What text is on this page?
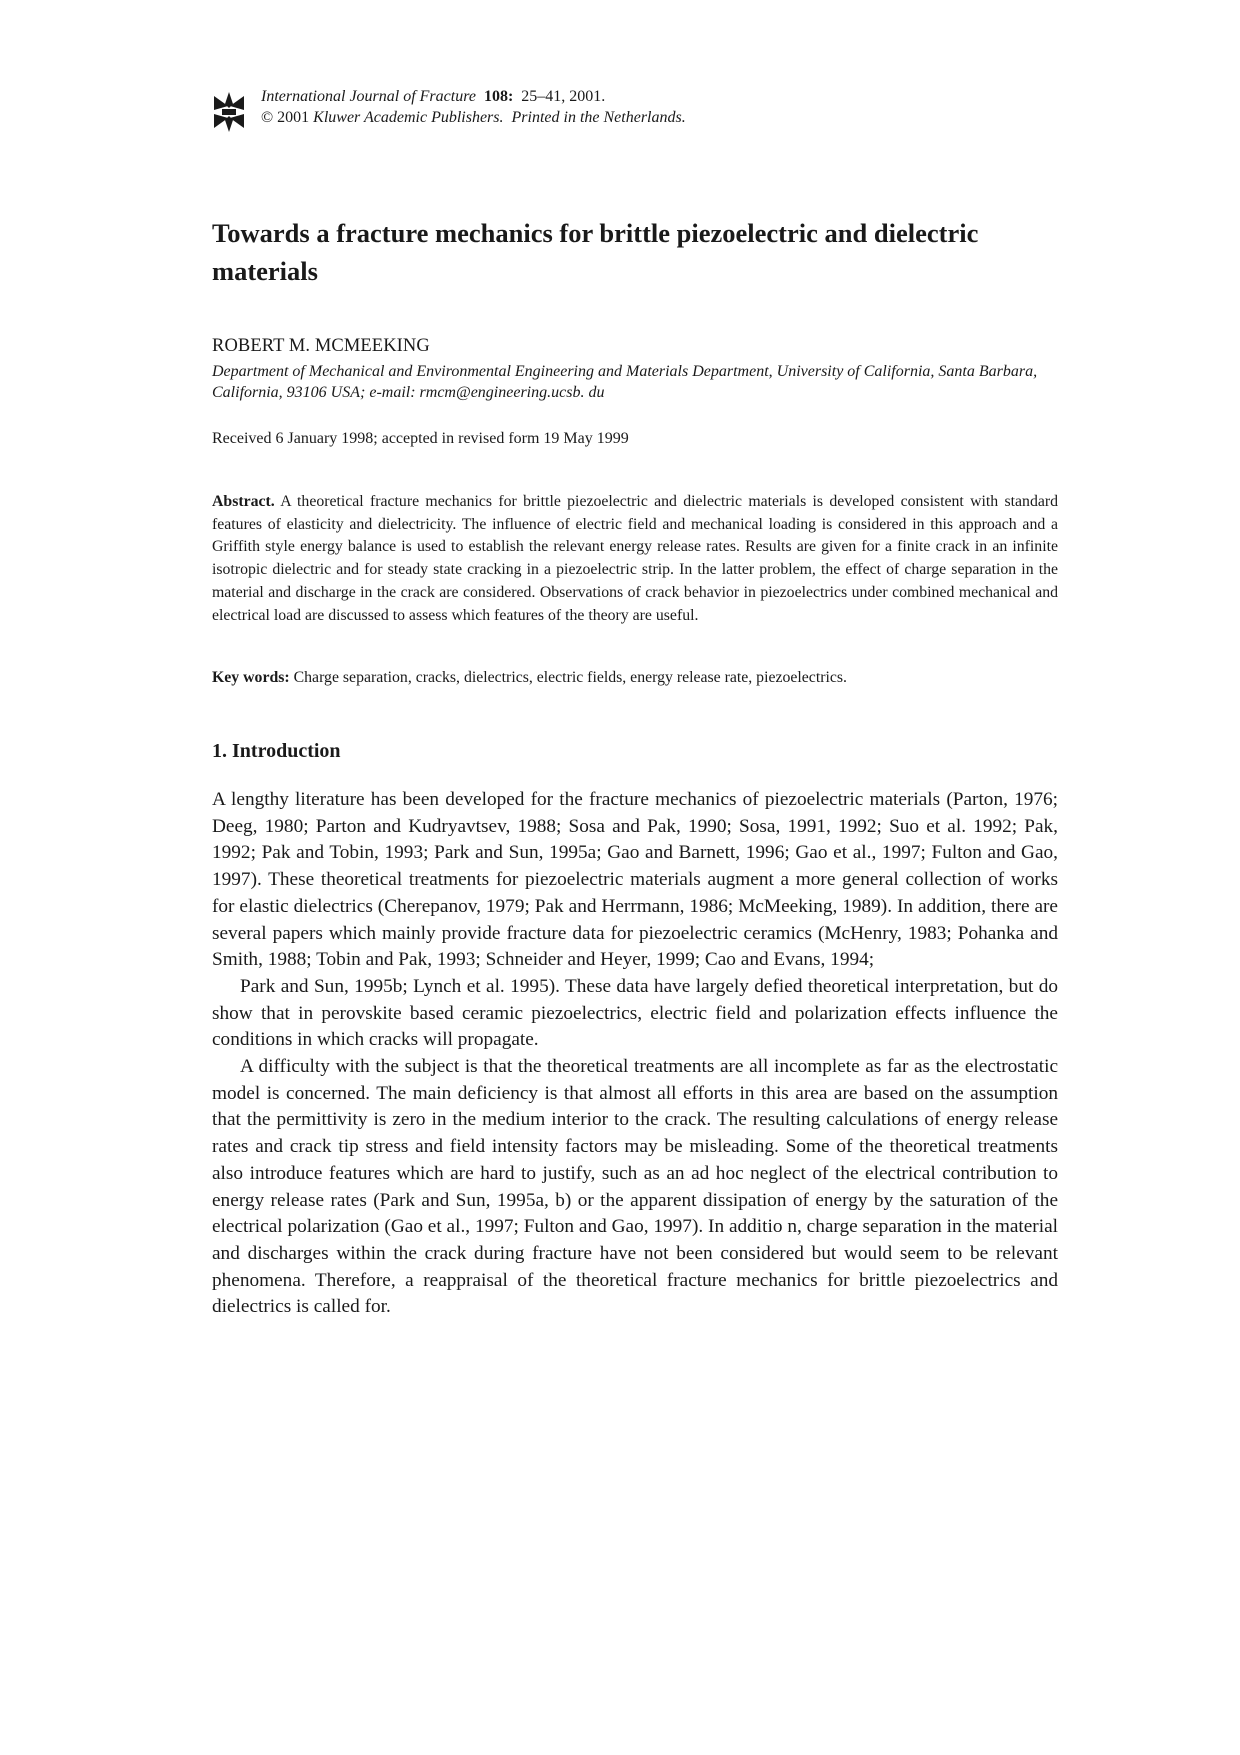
International Journal of Fracture 108: 25–41, 2001.
© 2001 Kluwer Academic Publishers. Printed in the Netherlands.
Towards a fracture mechanics for brittle piezoelectric and dielectric materials
ROBERT M. MCMEEKING
Department of Mechanical and Environmental Engineering and Materials Department, University of California, Santa Barbara, California, 93106 USA; e-mail: rmcm@engineering.ucsb. du
Received 6 January 1998; accepted in revised form 19 May 1999
Abstract. A theoretical fracture mechanics for brittle piezoelectric and dielectric materials is developed consistent with standard features of elasticity and dielectricity. The influence of electric field and mechanical loading is considered in this approach and a Griffith style energy balance is used to establish the relevant energy release rates. Results are given for a finite crack in an infinite isotropic dielectric and for steady state cracking in a piezoelectric strip. In the latter problem, the effect of charge separation in the material and discharge in the crack are considered. Observations of crack behavior in piezoelectrics under combined mechanical and electrical load are discussed to assess which features of the theory are useful.
Key words: Charge separation, cracks, dielectrics, electric fields, energy release rate, piezoelectrics.
1. Introduction

A lengthy literature has been developed for the fracture mechanics of piezoelectric materials (Parton, 1976; Deeg, 1980; Parton and Kudryavtsev, 1988; Sosa and Pak, 1990; Sosa, 1991, 1992; Suo et al. 1992; Pak, 1992; Pak and Tobin, 1993; Park and Sun, 1995a; Gao and Barnett, 1996; Gao et al., 1997; Fulton and Gao, 1997). These theoretical treatments for piezoelectric materials augment a more general collection of works for elastic dielectrics (Cherepanov, 1979; Pak and Herrmann, 1986; McMeeking, 1989). In addition, there are several papers which mainly provide fracture data for piezoelectric ceramics (McHenry, 1983; Pohanka and Smith, 1988; Tobin and Pak, 1993; Schneider and Heyer, 1999; Cao and Evans, 1994;

Park and Sun, 1995b; Lynch et al. 1995). These data have largely defied theoretical interpretation, but do show that in perovskite based ceramic piezoelectrics, electric field and polarization effects influence the conditions in which cracks will propagate.

A difficulty with the subject is that the theoretical treatments are all incomplete as far as the electrostatic model is concerned. The main deficiency is that almost all efforts in this area are based on the assumption that the permittivity is zero in the medium interior to the crack. The resulting calculations of energy release rates and crack tip stress and field intensity factors may be misleading. Some of the theoretical treatments also introduce features which are hard to justify, such as an ad hoc neglect of the electrical contribution to energy release rates (Park and Sun, 1995a, b) or the apparent dissipation of energy by the saturation of the electrical polarization (Gao et al., 1997; Fulton and Gao, 1997). In additio n, charge separation in the material and discharges within the crack during fracture have not been considered but would seem to be relevant phenomena. Therefore, a reappraisal of the theoretical fracture mechanics for brittle piezoelectrics and dielectrics is called for.
